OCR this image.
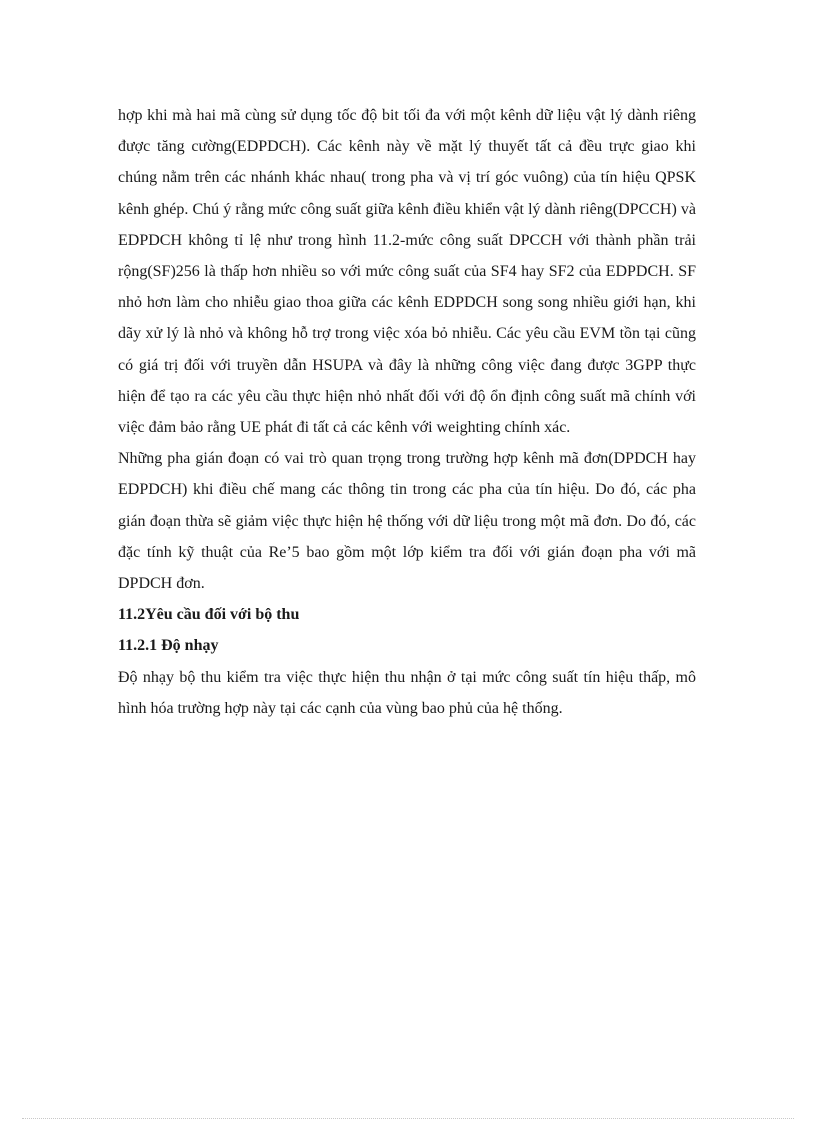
hợp khi mà hai mã cùng sử dụng tốc độ bit tối đa với một kênh dữ liệu vật lý dành riêng được tăng cường(EDPDCH). Các kênh này về mặt lý thuyết tất cả đều trực giao khi chúng nằm trên các nhánh khác nhau( trong pha và vị trí góc vuông) của tín hiệu QPSK kênh ghép. Chú ý rằng mức công suất giữa kênh điều khiển vật lý dành riêng(DPCCH) và EDPDCH không tỉ lệ như trong hình 11.2-mức công suất DPCCH với thành phần trải rộng(SF)256 là thấp hơn nhiều so với mức công suất của SF4 hay SF2 của EDPDCH. SF nhỏ hơn làm cho nhiễu giao thoa giữa các kênh EDPDCH song song nhiều giới hạn, khi dãy xử lý là nhỏ và không hỗ trợ trong việc xóa bỏ nhiễu. Các yêu cầu EVM tồn tại cũng có giá trị đối với truyền dẫn HSUPA và đây là những công việc đang được 3GPP thực hiện để tạo ra các yêu cầu thực hiện nhỏ nhất đối với độ ổn định công suất mã chính với việc đảm bảo rằng UE phát đi tất cả các kênh với weighting chính xác.

Những pha gián đoạn có vai trò quan trọng trong trường hợp kênh mã đơn(DPDCH hay EDPDCH) khi điều chế mang các thông tin trong các pha của tín hiệu. Do đó, các pha gián đoạn thừa sẽ giảm việc thực hiện hệ thống với dữ liệu trong một mã đơn. Do đó, các đặc tính kỹ thuật của Re’5 bao gồm một lớp kiểm tra đối với gián đoạn pha với mã DPDCH đơn.

11.2Yêu cầu đối với bộ thu

11.2.1 Độ nhạy

Độ nhạy bộ thu kiểm tra việc thực hiện thu nhận ở tại mức công suất tín hiệu thấp, mô hình hóa trường hợp này tại các cạnh của vùng bao phủ của hệ thống.
